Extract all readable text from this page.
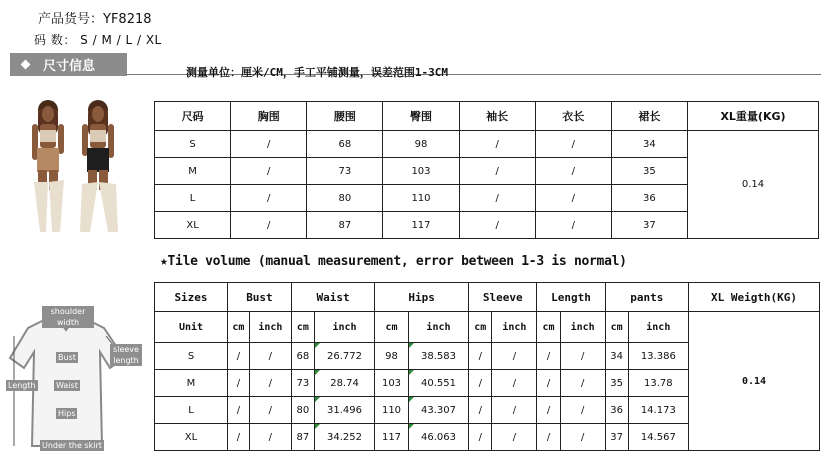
产品货号：YF8218
码 数： S / M / L / XL
尺寸信息	测量单位：厘米/CM，手工平铺测量，误差范围1-3CM
尺码	胸围	腰围	臀围	袖长	衣长	裙长	XL重量(KG)
S	/	68	98	/	/	34	0.14
M	/	73	103	/	/	35	
L	/	80	110	/	/	36	
XL	/	87	117	/	/	37	
★Tile volume (manual measurement, error between 1-3 is normal)
shoulder width
sleeve length
Bust
Waist
Hips
Length
Under the skirt
Sizes	Bust		Waist		Hips		Sleeve		Length		pants		XL Weigth(KG)
Unit	cm	inch	cm	inch	cm	inch	cm	inch	cm	inch	cm	inch	0.14
S	/	/	68	26.772	98	38.583	/	/	/	/	34	13.386	
M	/	/	73	28.74	103	40.551	/	/	/	/	35	13.78	
L	/	/	80	31.496	110	43.307	/	/	/	/	36	14.173	
XL	/	/	87	34.252	117	46.063	/	/	/	/	37	14.567	
